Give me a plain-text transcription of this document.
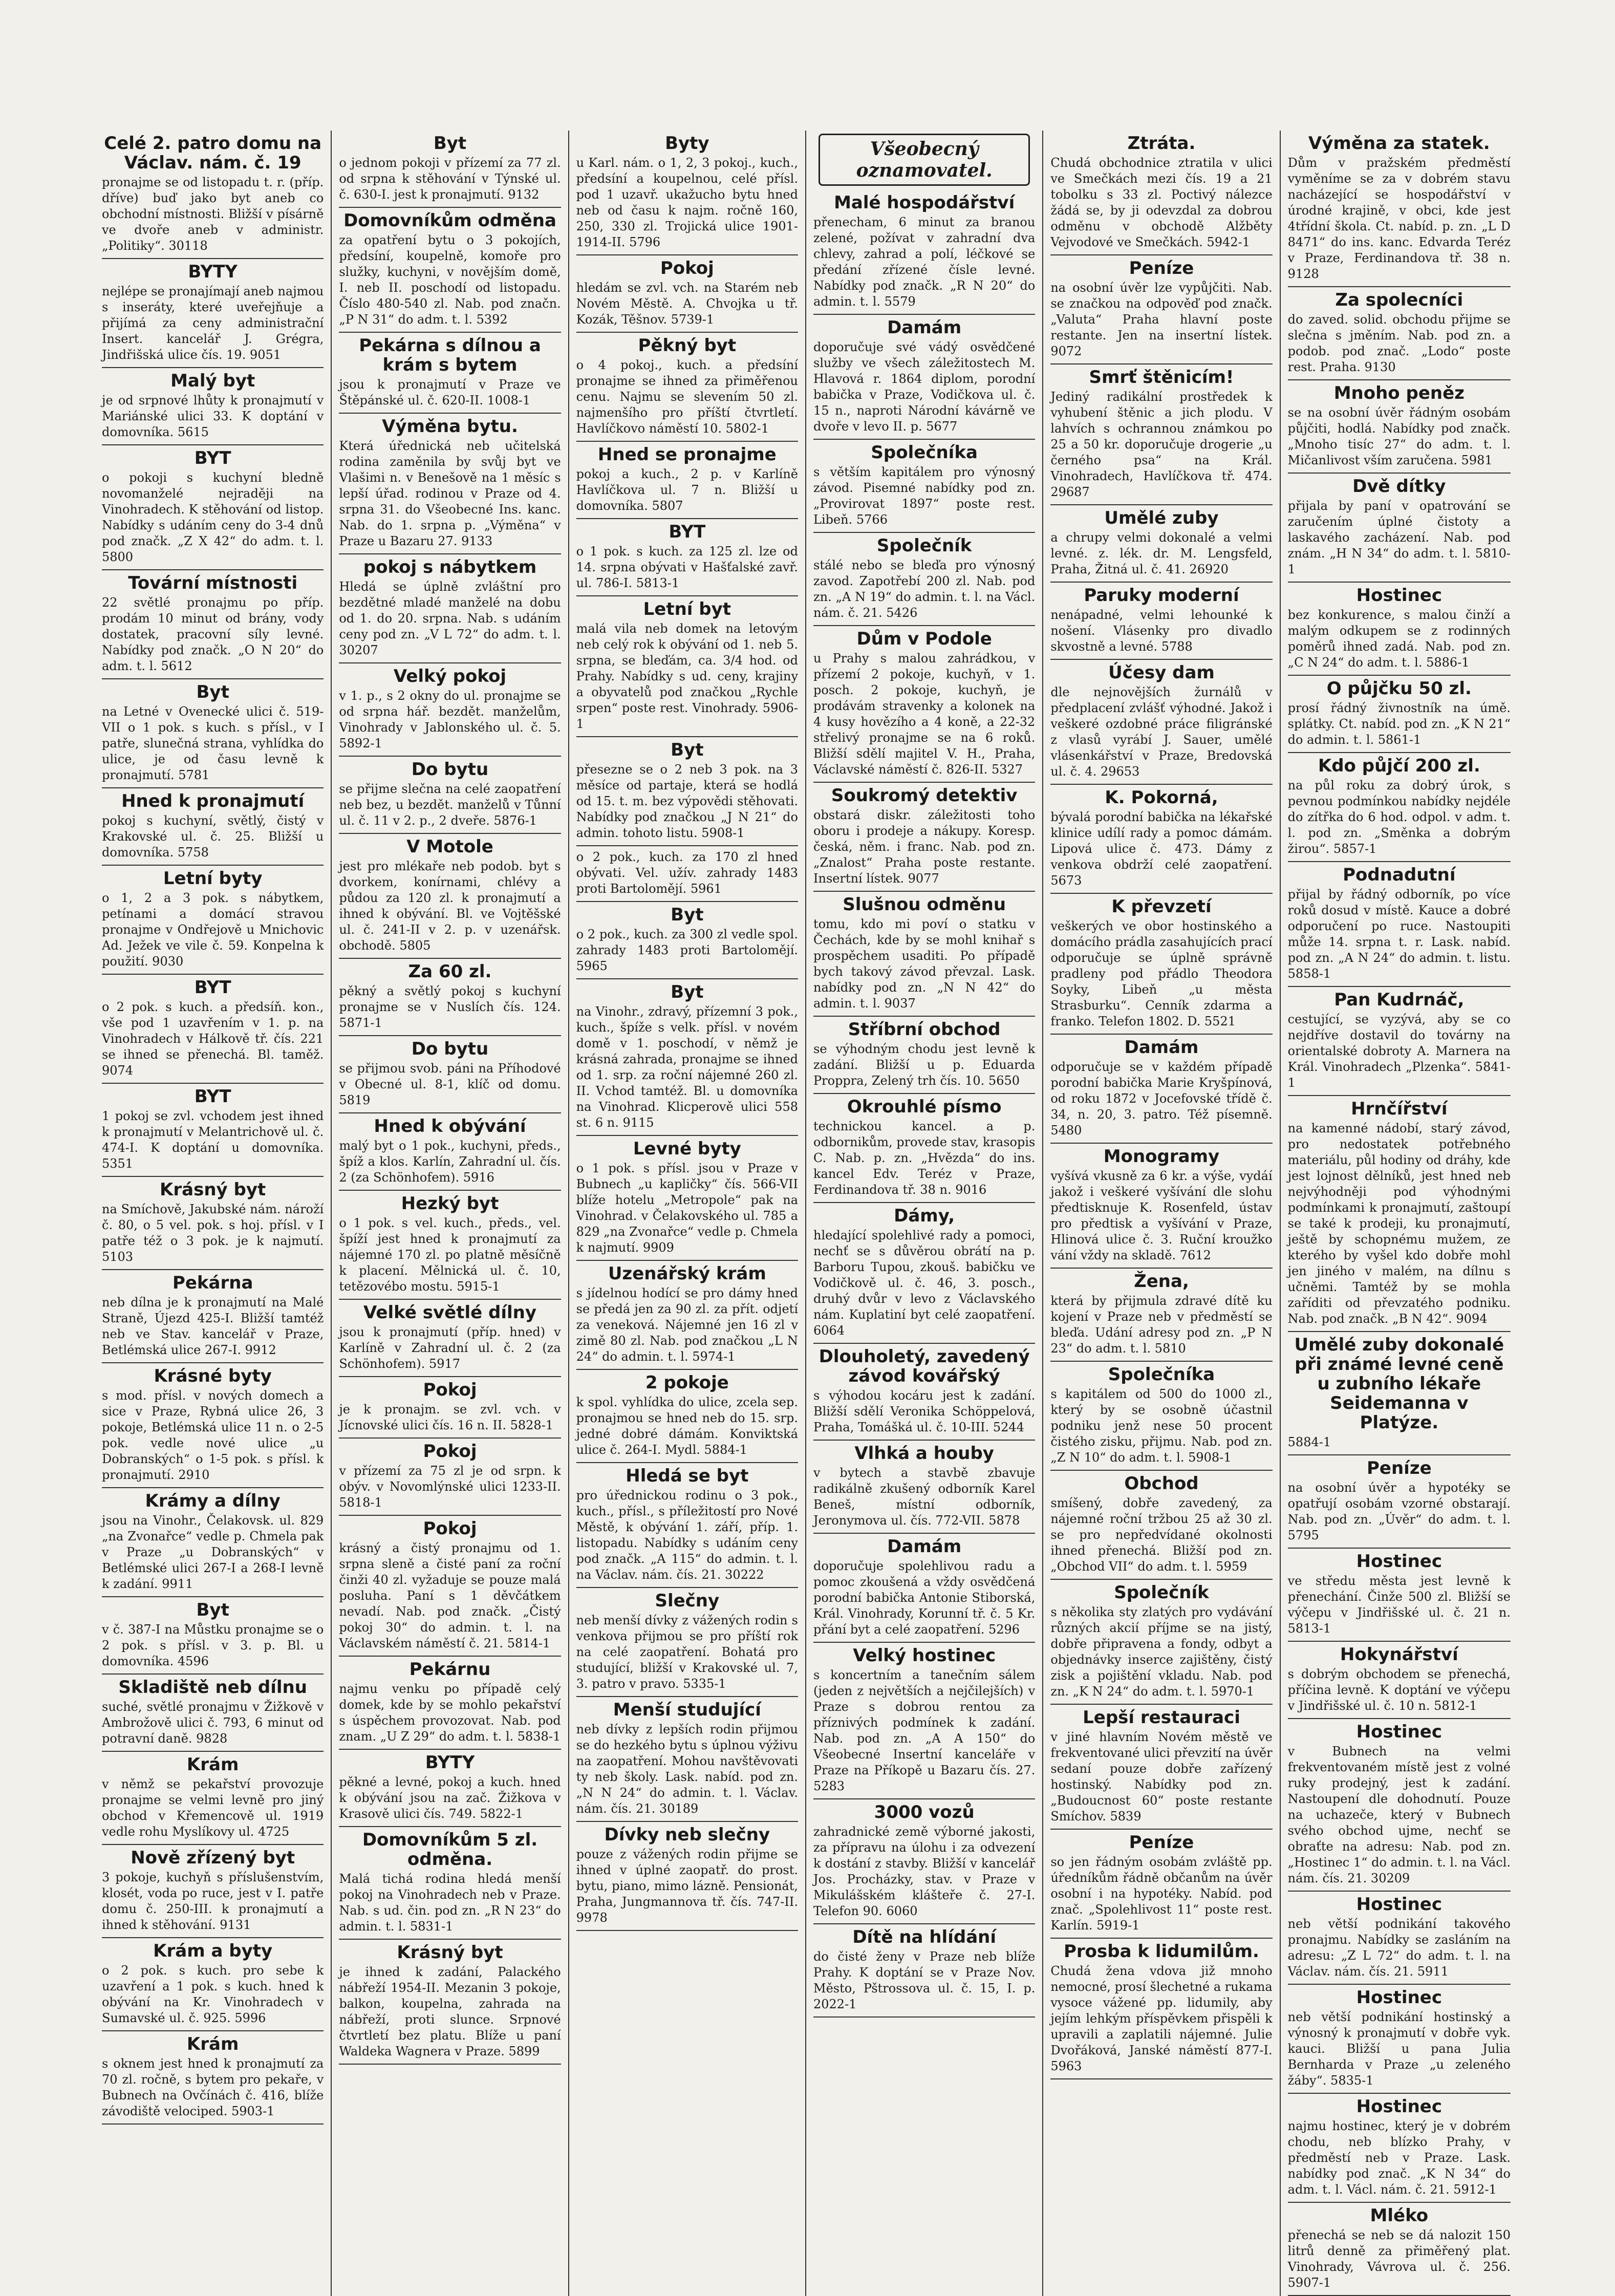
Celé 2. patro domu na Václav. nám. č. 19

pronajme se od listopadu t. r. (příp. dříve) buď jako byt aneb co obchodní místnosti. Bližší v písárně ve dvoře aneb v administr. „Politiky“. 30118

BYTY

nejlépe se pronajímají aneb najmou s inseráty, které uveřejňuje a přijímá za ceny administrační Insert. kancelář J. Grégra, Jindřišská ulice čís. 19. 9051

Malý byt

je od srpnové lhůty k pronajmutí v Mariánské ulici 33. K doptání v domovníka. 5615

BYT

o pokoji s kuchyní bledně novomanželé nejraději na Vinohradech. K stěhování od listop. Nabídky s udáním ceny do 3-4 dnů pod značk. „Z X 42“ do adm. t. l. 5800

Tovární místnosti

22 světlé pronajmu po příp. prodám 10 minut od brány, vody dostatek, pracovní síly levné. Nabídky pod značk. „O N 20“ do adm. t. l. 5612

Byt

na Letné v Ovenecké ulici č. 519-VII o 1 pok. s kuch. s přísl., v I patře, slunečná strana, vyhlídka do ulice, je od času levně k pronajmutí. 5781

Hned k pronajmutí

pokoj s kuchyní, světlý, čistý v Krakovské ul. č. 25. Bližší u domovníka. 5758

Letní byty

o 1, 2 a 3 pok. s nábytkem, petínami a domácí stravou pronajme v Ondřejově u Mnichovic Ad. Ježek ve vile č. 59. Konpelna k použití. 9030

BYT

o 2 pok. s kuch. a předsíň. kon., vše pod 1 uzavřením v 1. p. na Vinohradech v Hálkově tř. čís. 221 se ihned se přenechá. Bl. taměž. 9074

BYT

1 pokoj se zvl. vchodem jest ihned k pronajmutí v Melantrichově ul. č. 474-I. K doptání u domovníka. 5351

Krásný byt

na Smíchově, Jakubské nám. nároží č. 80, o 5 vel. pok. s hoj. přísl. v I patře též o 3 pok. je k najmutí. 5103

Pekárna

neb dílna je k pronajmutí na Malé Straně, Újezd 425-I. Bližší tamtéž neb ve Stav. kancelář v Praze, Betlémská ulice 267-I. 9912

Krásné byty

s mod. přísl. v nových domech a sice v Praze, Rybná ulice 26, 3 pokoje, Betlémská ulice 11 n. o 2-5 pok. vedle nové ulice „u Dobranských“ o 1-5 pok. s přísl. k pronajmutí. 2910

Krámy a dílny

jsou na Vinohr., Čelakovsk. ul. 829 „na Zvonařce“ vedle p. Chmela pak v Praze „u Dobranských“ v Betlémské ulici 267-I a 268-I levně k zadání. 9911

Byt

v č. 387-I na Můstku pronajme se o 2 pok. s přísl. v 3. p. Bl. u domovníka. 4596

Skladiště neb dílnu

suché, světlé pronajmu v Žižkově v Ambrožově ulici č. 793, 6 minut od potravní daně. 9828

Krám

v němž se pekařství provozuje pronajme se velmi levně pro jiný obchod v Křemencově ul. 1919 vedle rohu Myslíkovy ul. 4725

Nově zřízený byt

3 pokoje, kuchyň s příslušenstvím, klosét, voda po ruce, jest v I. patře domu č. 250-III. k pronajmutí a ihned k stěhování. 9131

Krám a byty

o 2 pok. s kuch. pro sebe k uzavření a 1 pok. s kuch. hned k obývání na Kr. Vinohradech v Sumavské ul. č. 925. 5996

Krám

s oknem jest hned k pronajmutí za 70 zl. ročně, s bytem pro pekaře, v Bubnech na Ovčínách č. 416, blíže závodiště velociped. 5903-1

Byt

o jednom pokoji v přízemí za 77 zl. od srpna k stěhování v Týnské ul. č. 630-I. jest k pronajmutí. 9132

Domovníkům odměna

za opatření bytu o 3 pokojích, předsíní, koupelně, komoře pro služky, kuchyni, v novějším domě, I. neb II. poschodí od listopadu. Číslo 480-540 zl. Nab. pod značn. „P N 31“ do adm. t. l. 5392

Pekárna s dílnou a krám s bytem

jsou k pronajmutí v Praze ve Štěpánské ul. č. 620-II. 1008-1

Výměna bytu.

Která úřednická neb učitelská rodina zaměnila by svůj byt ve Vlašimi n. v Benešově na 1 měsíc s lepší úřad. rodinou v Praze od 4. srpna 31. do Všeobecné Ins. kanc. Nab. do 1. srpna p. „Výměna“ v Praze u Bazaru 27. 9133

pokoj s nábytkem

Hledá se úplně zvláštní pro bezdětné mladé manželé na dobu od 1. do 20. srpna. Nab. s udáním ceny pod zn. „V L 72“ do adm. t. l. 30207

Velký pokoj

v 1. p., s 2 okny do ul. pronajme se od srpna hář. bezdět. manželům, Vinohrady v Jablonského ul. č. 5. 5892-1

Do bytu

se přijme slečna na celé zaopatření neb bez, u bezdět. manželů v Tůnní ul. č. 11 v 2. p., 2 dveře. 5876-1

V Motole

jest pro mlékaře neb podob. byt s dvorkem, konírnami, chlévy a půdou za 120 zl. k pronajmutí a ihned k obývání. Bl. ve Vojtěšské ul. č. 241-II v 2. p. v uzenářsk. obchodě. 5805

Za 60 zl.

pěkný a světlý pokoj s kuchyní pronajme se v Nuslích čís. 124. 5871-1

Do bytu

se přijmou svob. páni na Příhodové v Obecné ul. 8-1, klíč od domu. 5819

Hned k obývání

malý byt o 1 pok., kuchyni, předs., špíž a klos. Karlín, Zahradní ul. čís. 2 (za Schönhofem). 5916

Hezký byt

o 1 pok. s vel. kuch., předs., vel. špíží jest hned k pronajmutí za nájemné 170 zl. po platně měsíčně k placení. Mělnická ul. č. 10, tetězovébo mostu. 5915-1

Velké světlé dílny

jsou k pronajmutí (příp. hned) v Karlíně v Zahradní ul. č. 2 (za Schönhofem). 5917

Pokoj

je k pronajm. se zvl. vch. v Jícnovské ulici čís. 16 n. II. 5828-1

Pokoj

v přízemí za 75 zl je od srpn. k obýv. v Novomlýnské ulici 1233-II. 5818-1

Pokoj

krásný a čistý pronajmu od 1. srpna sleně a čisté paní za roční činži 40 zl. vyžaduje se pouze malá posluha. Paní s 1 děvčátkem nevadí. Nab. pod značk. „Čistý pokoj 30“ do admin. t. l. na Václavském náměstí č. 21. 5814-1

Pekárnu

najmu venku po případě celý domek, kde by se mohlo pekařství s úspěchem provozovat. Nab. pod znam. „U Z 29“ do adm. t. l. 5838-1

BYTY

pěkné a levné, pokoj a kuch. hned k obývání jsou na zač. Žižkova v Krasově ulici čís. 749. 5822-1

Domovníkům 5 zl. odměna.

Malá tichá rodina hledá menší pokoj na Vinohradech neb v Praze. Nab. s ud. čin. pod zn. „R N 23“ do admin. t. l. 5831-1

Krásný byt

je ihned k zadání, Palackého nábřeží 1954-II. Mezanin 3 pokoje, balkon, koupelna, zahrada na nábřeží, proti slunce. Srpnové čtvrtletí bez platu. Blíže u paní Waldeka Wagnera v Praze. 5899

Byty

u Karl. nám. o 1, 2, 3 pokoj., kuch., předsíní a koupelnou, celé přísl. pod 1 uzavř. ukažucho bytu hned neb od času k najm. ročně 160, 250, 330 zl. Trojická ulice 1901-1914-II. 5796

Pokoj

hledám se zvl. vch. na Starém neb Novém Městě. A. Chvojka u tř. Kozák, Těšnov. 5739-1

Pěkný byt

o 4 pokoj., kuch. a předsíní pronajme se ihned za přiměřenou cenu. Najmu se slevením 50 zl. najmenšího pro příští čtvrtletí. Havlíčkovo náměstí 10. 5802-1

Hned se pronajme

pokoj a kuch., 2 p. v Karlíně Havlíčkova ul. 7 n. Bližší u domovníka. 5807

BYT

o 1 pok. s kuch. za 125 zl. lze od 14. srpna obývati v Hašťalské zavř. ul. 786-I. 5813-1

Letní byt

malá vila neb domek na letovým neb celý rok k obývání od 1. neb 5. srpna, se bleďám, ca. 3/4 hod. od Prahy. Nabídky s ud. ceny, krajiny a obyvatelů pod značkou „Rychle srpen“ poste rest. Vinohrady. 5906-1

Byt

přesezne se o 2 neb 3 pok. na 3 měsíce od partaje, která se hodlá od 15. t. m. bez výpovědi stěhovati. Nabídky pod značkou „J N 21“ do admin. tohoto listu. 5908-1

o 2 pok., kuch. za 170 zl hned obývati. Vel. užív. zahrady 1483 proti Bartolomějí. 5961

Byt

o 2 pok., kuch. za 300 zl vedle spol. zahrady 1483 proti Bartolomějí. 5965

Byt

na Vinohr., zdravý, přízemní 3 pok., kuch., špíže s velk. přísl. v novém domě v 1. poschodí, v němž je krásná zahrada, pronajme se ihned od 1. srp. za roční nájemné 260 zl. II. Vchod tamtéž. Bl. u domovníka na Vinohrad. Klicperově ulici 558 st. 6 n. 9115

Levné byty

o 1 pok. s přísl. jsou v Praze v Bubnech „u kapličky“ čís. 566-VII blíže hotelu „Metropole“ pak na Vinohrad. v Čelakovského ul. 785 a 829 „na Zvonařce“ vedle p. Chmela k najmutí. 9909

Uzenářský krám

s jídelnou hodící se pro dámy hned se předá jen za 90 zl. za přít. odjetí za veneková. Nájemné jen 16 zl v zimě 80 zl. Nab. pod značkou „L N 24“ do admin. t. l. 5974-1

2 pokoje

k spol. vyhlídka do ulice, zcela sep. pronajmou se hned neb do 15. srp. jedné dobré dámám. Konviktská ulice č. 264-I. Mydl. 5884-1

Hledá se byt

pro úřednickou rodinu o 3 pok., kuch., přísl., s příležitostí pro Nové Městě, k obývání 1. září, příp. 1. listopadu. Nabídky s udáním ceny pod značk. „A 115“ do admin. t. l. na Václav. nám. čís. 21. 30222

Slečny

neb menší dívky z vážených rodin s venkova přijmou se pro příští rok na celé zaopatření. Bohatá pro studující, bližší v Krakovské ul. 7, 3. patro v pravo. 5335-1

Menší studující

neb dívky z lepších rodin přijmou se do hezkého bytu s úplnou výživu na zaopatření. Mohou navštěvovati ty neb školy. Lask. nabíd. pod zn. „N N 24“ do admin. t. l. Václav. nám. čís. 21. 30189

Dívky neb slečny

pouze z vážených rodin přijme se ihned v úplné zaopatř. do prost. bytu, piano, mimo lázně. Pensionát, Praha, Jungmannova tř. čís. 747-II. 9978

Všeobecný
oznamovatel.
Malé hospodářství

přenecham, 6 minut za branou zelené, požívat v zahradní dva chlevy, zahrad a polí, léčkové se předání zřízené čísle levné. Nabídky pod značk. „R N 20“ do admin. t. l. 5579

Damám

doporučuje své vádý osvědčené služby ve všech záležitostech M. Hlavová r. 1864 diplom, porodní babička v Praze, Vodičkova ul. č. 15 n., naproti Národní kávárně ve dvoře v levo II. p. 5677

Společníka

s větším kapitálem pro výnosný závod. Pisemné nabídky pod zn. „Provirovat 1897“ poste rest. Libeň. 5766

Společník

stálé nebo se bleďa pro výnosný zavod. Zapotřebí 200 zl. Nab. pod zn. „A N 19“ do admin. t. l. na Václ. nám. č. 21. 5426

Dům v Podole

u Prahy s malou zahrádkou, v přízemí 2 pokoje, kuchyň, v 1. posch. 2 pokoje, kuchyň, je prodávám stravenky a kolonek na 4 kusy hovězího a 4 koně, a 22-32 střelivý pronajme se na 6 roků. Bližší sdělí majitel V. H., Praha, Václavské náměstí č. 826-II. 5327

Soukromý detektiv

obstará diskr. záležitosti toho oboru i prodeje a nákupy. Koresp. česká, něm. i franc. Nab. pod zn. „Znalost“ Praha poste restante. Insertní lístek. 9077

Slušnou odměnu

tomu, kdo mi poví o statku v Čechách, kde by se mohl knihař s prospěchem usaditi. Po případě bych takový závod převzal. Lask. nabídky pod zn. „N N 42“ do admin. t. l. 9037

Stříbrní obchod

se výhodným chodu jest levně k zadání. Bližší u p. Eduarda Proppra, Zelený trh čís. 10. 5650

Okrouhlé písmo

technickou kancel. a p. odbornikům, provede stav, krasopis C. Nab. p. zn. „Hvězda“ do ins. kancel Edv. Teréz v Praze, Ferdinandova tř. 38 n. 9016

Dámy,

hledající spolehlivé rady a pomoci, nechť se s důvěrou obrátí na p. Barboru Tupou, zkouš. babičku ve Vodičkově ul. č. 46, 3. posch., druhý dvůr v levo z Václavského nám. Kuplatiní byt celé zaopatření. 6064

Dlouholetý, zavedený závod kovářský

s výhodou kocáru jest k zadání. Bližší sdělí Veronika Schöppelová, Praha, Tomášká ul. č. 10-III. 5244

Vlhká a houby

v bytech a stavbě zbavuje radikálně zkušený odborník Karel Beneš, místní odborník, Jeronymova ul. čís. 772-VII. 5878

Damám

doporučuje spolehlivou radu a pomoc zkoušená a vždy osvědčená porodní babička Antonie Stiborská, Král. Vinohrady, Korunní tř. č. 5 Kr. přání byt a celé zaopatření. 5296

Velký hostinec

s koncertním a tanečním sálem (jeden z největších a nejčilejších) v Praze s dobrou rentou za příznivých podmínek k zadání. Nab. pod zn. „A A 150“ do Všeobecné Insertní kanceláře v Praze na Příkopě u Bazaru čís. 27. 5283

3000 vozů

zahradnické země výborné jakosti, za přípravu na úlohu i za odvezení k dostání z stavby. Bližší v kancelář Jos. Procházky, stav. v Praze v Mikulášském klášteře č. 27-I. Telefon 90. 6060

Dítě na hlídání

do čisté ženy v Praze neb blíže Prahy. K doptání se v Praze Nov. Město, Pštrossova ul. č. 15, I. p. 2022-1

Ztráta.

Chudá obchodnice ztratila v ulici ve Smečkách mezi čís. 19 a 21 tobolku s 33 zl. Poctivý nálezce žádá se, by ji odevzdal za dobrou odměnu v obchodě Alžběty Vejvodové ve Smečkách. 5942-1

Peníze

na osobní úvěr lze vypůjčiti. Nab. se značkou na odpověď pod značk. „Valuta“ Praha hlavní poste restante. Jen na insertní lístek. 9072

Smrť štěnicím!

Jediný radikální prostředek k vyhubení štěnic a jich plodu. V lahvích s ochrannou známkou po 25 a 50 kr. doporučuje drogerie „u černého psa“ na Král. Vinohradech, Havlíčkova tř. 474. 29687

Umělé zuby

a chrupy velmi dokonalé a velmi levné. z. lék. dr. M. Lengsfeld, Praha, Žitná ul. č. 41. 26920

Paruky moderní

nenápadné, velmi lehounké k nošení. Vlásenky pro divadlo skvostně a levné. 5788

Účesy dam

dle nejnovějších žurnálů v předplacení zvlášť výhodné. Jakož i veškeré ozdobné práce filigránské z vlasů vyrábí J. Sauer, umělé vlásenkářství v Praze, Bredovská ul. č. 4. 29653

K. Pokorná,

bývalá porodní babička na lékařské klinice udílí rady a pomoc dámám. Lipová ulice č. 473. Dámy z venkova obdrží celé zaopatření. 5673

K převzetí

veškerých ve obor hostinského a domácího prádla zasahujících prací odporučuje se úplně správně pradleny pod přádlo Theodora Soyky, Libeň „u města Strasburku“. Cenník zdarma a franko. Telefon 1802. D. 5521

Damám

odporučuje se v každém případě porodní babička Marie Kryšpínová, od roku 1872 v Jocefovské třídě č. 34, n. 20, 3. patro. Též písemně. 5480

Monogramy

vyšívá vkusně za 6 kr. a výše, vydáí jakož i veškeré vyšívání dle slohu předtisknuje K. Rosenfeld, ústav pro předtisk a vyšívání v Praze, Hlinová ulice č. 3. Ruční kroužko vání vždy na skladě. 7612

Žena,

která by přijmula zdravé dítě ku kojení v Praze neb v předměstí se bleďa. Udání adresy pod zn. „P N 23“ do adm. t. l. 5810

Společníka

s kapitálem od 500 do 1000 zl., který by se osobně účastnil podniku jenž nese 50 procent čistého zisku, přijmu. Nab. pod zn. „Z N 10“ do adm. t. l. 5908-1

Obchod

smíšený, dobře zavedený, za nájemné roční tržbou 25 až 30 zl. se pro nepředvídané okolnosti ihned přenechá. Bližší pod zn. „Obchod VII“ do adm. t. l. 5959

Společník

s několika sty zlatých pro vydávání různých akcií příjme se na jistý, dobře připravena a fondy, odbyt a objednávky inserce zajištěny, čistý zisk a pojištění vkladu. Nab. pod zn. „K N 24“ do adm. t. l. 5970-1

Lepší restauraci

v jiné hlavním Novém městě ve frekventované ulici převzití na úvěr sedaní pouze dobře zařízený hostinský. Nabídky pod zn. „Budoucnost 60“ poste restante Smíchov. 5839

Peníze

so jen řádným osobám zvláště pp. úředníkům řádně občanům na úvěr osobní i na hypotéky. Nabíd. pod znač. „Spolehlivost 11“ poste rest. Karlín. 5919-1

Prosba k lidumilům.

Chudá žena vdova již mnoho nemocné, prosí šlechetné a rukama vysoce vážené pp. lidumily, aby jejím lehkým příspěvkem přispěli k upravili a zaplatili nájemné. Julie Dvořáková, Janské náměstí 877-I. 5963

Výměna za statek.

Dům v pražském předměstí vyměníme se za v dobrém stavu nacházející se hospodářství v úrodné krajině, v obci, kde jest 4třídní škola. Ct. nabíd. p. zn. „L D 8471“ do ins. kanc. Edvarda Teréz v Praze, Ferdinandova tř. 38 n. 9128

Za spolecníci

do zaved. solid. obchodu přijme se slečna s jměním. Nab. pod zn. a podob. pod znač. „Lodo“ poste rest. Praha. 9130

Mnoho peněz

se na osobní úvěr řádným osobám půjčiti, hodlá. Nabídky pod značk. „Mnoho tisíc 27“ do adm. t. l. Mičanlivost vším zaručena. 5981

Dvě dítky

přijala by paní v opatrování se zaručením úplné čistoty a laskavého zacházení. Nab. pod znám. „H N 34“ do adm. t. l. 5810-1

Hostinec

bez konkurence, s malou činží a malým odkupem se z rodinných poměrů ihned zadá. Nab. pod zn. „C N 24“ do adm. t. l. 5886-1

O půjčku 50 zl.

prosí řádný živnostník na úmě. splátky. Ct. nabíd. pod zn. „K N 21“ do admin. t. l. 5861-1

Kdo půjčí 200 zl.

na půl roku za dobrý úrok, s pevnou podmínkou nabídky nejdéle do zítřka do 6 hod. odpol. v adm. t. l. pod zn. „Směnka a dobrým žirou“. 5857-1

Podnadutní

přijal by řádný odborník, po více roků dosud v místě. Kauce a dobré odporučení po ruce. Nastoupiti může 14. srpna t. r. Lask. nabíd. pod zn. „A N 24“ do admin. t. listu. 5858-1

Pan Kudrnáč,

cestující, se vyzývá, aby se co nejdříve dostavil do továrny na orientalské dobroty A. Marnera na Král. Vinohradech „Plzenka“. 5841-1

Hrnčířství

na kamenné nádobí, starý závod, pro nedostatek potřebného materiálu, půl hodiny od dráhy, kde jest lojnost dělníků, jest hned neb nejvýhodněji pod výhodnými podmínkami k pronajmutí, zaštoupí se také k prodeji, ku pronajmutí, ještě by schopnému mužem, ze kterého by vyšel kdo dobře mohl jen jiného v malém, na dílnu s učněmi. Tamtéž by se mohla zaříditi od převzatého podniku. Nab. pod značk. „B N 42“. 9094

Umělé zuby dokonalé při známé levné ceně u zubního lékaře Seidemanna v Platýze.

5884-1

Peníze

na osobní úvěr a hypotéky se opatřují osobám vzorné obstarají. Nab. pod zn. „Úvěr“ do adm. t. l. 5795

Hostinec

ve středu města jest levně k přenechání. Činže 500 zl. Bližší se výčepu v Jindřišské ul. č. 21 n. 5813-1

Hokynářství

s dobrým obchodem se přenechá, příčina levně. K doptání ve výčepu v Jindřišské ul. č. 10 n. 5812-1

Hostinec

v Bubnech na velmi frekventovaném místě jest z volné ruky prodejný, jest k zadání. Nastoupení dle dohodnutí. Pouze na uchazeče, který v Bubnech svého obchod ujme, nechť se obraťte na adresu: Nab. pod zn. „Hostinec 1“ do admin. t. l. na Václ. nám. čís. 21. 30209

Hostinec

neb větší podnikání takového pronajmu. Nabídky se zasláním na adresu: „Z L 72“ do adm. t. l. na Václav. nám. čís. 21. 5911

Hostinec

neb větší podnikání hostinský a výnosný k pronajmutí v dobře vyk. kauci. Bližší u pana Julia Bernharda v Praze „u zeleného žáby“. 5835-1

Hostinec

najmu hostinec, který je v dobrém chodu, neb blízko Prahy, v předměstí neb v Praze. Lask. nabídky pod znač. „K N 34“ do adm. t. l. Václ. nám. č. 21. 5912-1

Mléko

přenechá se neb se dá nalozit 150 litrů denně za přiměřený plat. Vinohrady, Vávrova ul. č. 256. 5907-1
